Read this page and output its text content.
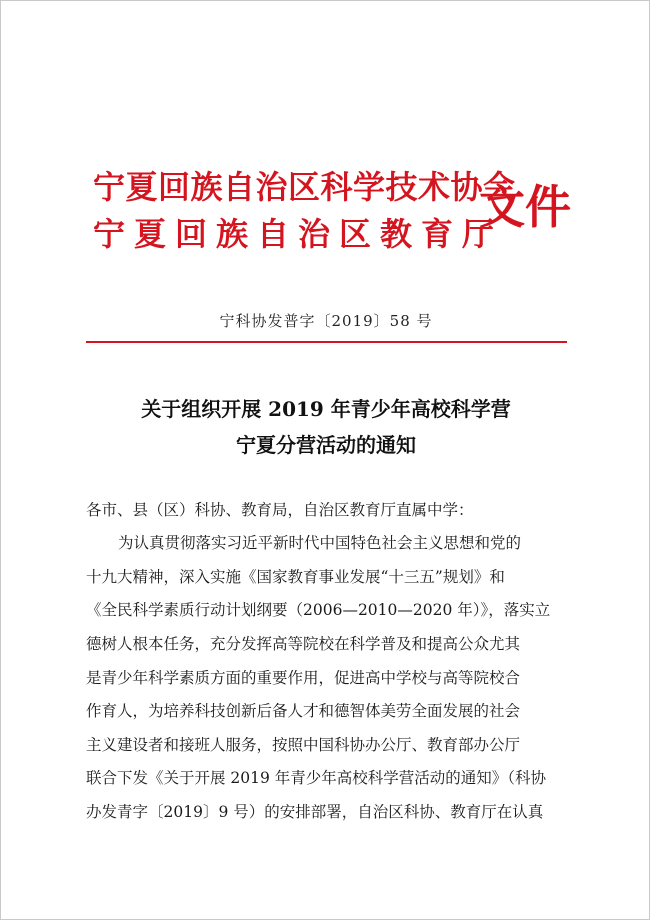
宁夏回族自治区科学技术协会
宁夏回族自治区教育厅
文件
宁科协发普字〔2019〕58 号
关于组织开展 2019 年青少年高校科学营
宁夏分营活动的通知
各市、县（区）科协、教育局，自治区教育厅直属中学：
为认真贯彻落实习近平新时代中国特色社会主义思想和党的
十九大精神，深入实施《国家教育事业发展“十三五”规划》和
《全民科学素质行动计划纲要（2006—2010—2020 年）》，落实立
德树人根本任务，充分发挥高等院校在科学普及和提高公众尤其
是青少年科学素质方面的重要作用，促进高中学校与高等院校合
作育人，为培养科技创新后备人才和德智体美劳全面发展的社会
主义建设者和接班人服务，按照中国科协办公厅、教育部办公厅
联合下发《关于开展 2019 年青少年高校科学营活动的通知》（科协
办发青字〔2019〕9 号）的安排部署，自治区科协、教育厅在认真
